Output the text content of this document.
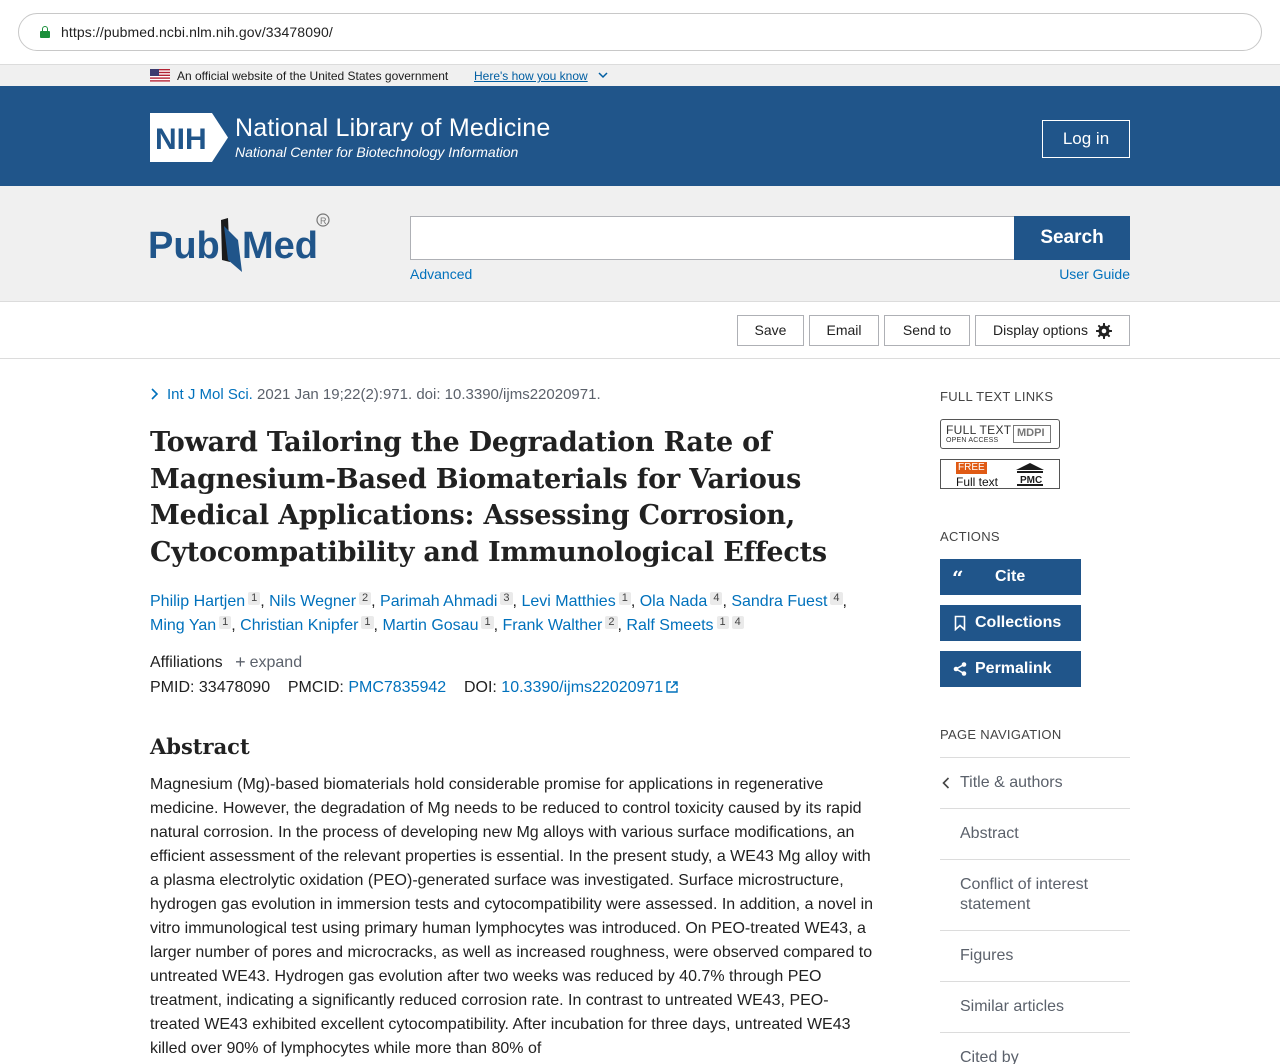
https://pubmed.ncbi.nlm.nih.gov/33478090/
An official website of the United States government Here's how you know
NIH National Library of Medicine
National Center for Biotechnology Information
Log in
Pub Med
R
Search
Advanced	User Guide
Save	Email	Send to	Display options
Int J Mol Sci. 2021 Jan 19;22(2):971. doi: 10.3390/ijms22020971.
Toward Tailoring the Degradation Rate of Magnesium-Based Biomaterials for Various Medical Applications: Assessing Corrosion, Cytocompatibility and Immunological Effects
Philip Hartjen 1 , Nils Wegner 2 , Parimah Ahmadi 3 , Levi Matthies 1 , Ola Nada 4 , Sandra Fuest 4 , Ming Yan 1 , Christian Knipfer 1 , Martin Gosau 1 , Frank Walther 2 , Ralf Smeets 1 4
Affiliations + expand
PMID: 33478090 PMCID: PMC7835942 DOI: 10.3390/ijms22020971
Abstract

Magnesium (Mg)-based biomaterials hold considerable promise for applications in regenerative medicine. However, the degradation of Mg needs to be reduced to control toxicity caused by its rapid natural corrosion. In the process of developing new Mg alloys with various surface modifications, an efficient assessment of the relevant properties is essential. In the present study, a WE43 Mg alloy with a plasma electrolytic oxidation (PEO)-generated surface was investigated. Surface microstructure, hydrogen gas evolution in immersion tests and cytocompatibility were assessed. In addition, a novel in vitro immunological test using primary human lymphocytes was introduced. On PEO-treated WE43, a larger number of pores and microcracks, as well as increased roughness, were observed compared to untreated WE43. Hydrogen gas evolution after two weeks was reduced by 40.7% through PEO treatment, indicating a significantly reduced corrosion rate. In contrast to untreated WE43, PEO-treated WE43 exhibited excellent cytocompatibility. After incubation for three days, untreated WE43 killed over 90% of lymphocytes while more than 80% of

FULL TEXT LINKS
FULL TEXT
OPEN ACCESS
MDPI
FREE
Full text PMC
ACTIONS
“ Cite
Collections
Permalink
PAGE NAVIGATION
Title & authors
Abstract
Conflict of interest statement
Figures
Similar articles
Cited by
